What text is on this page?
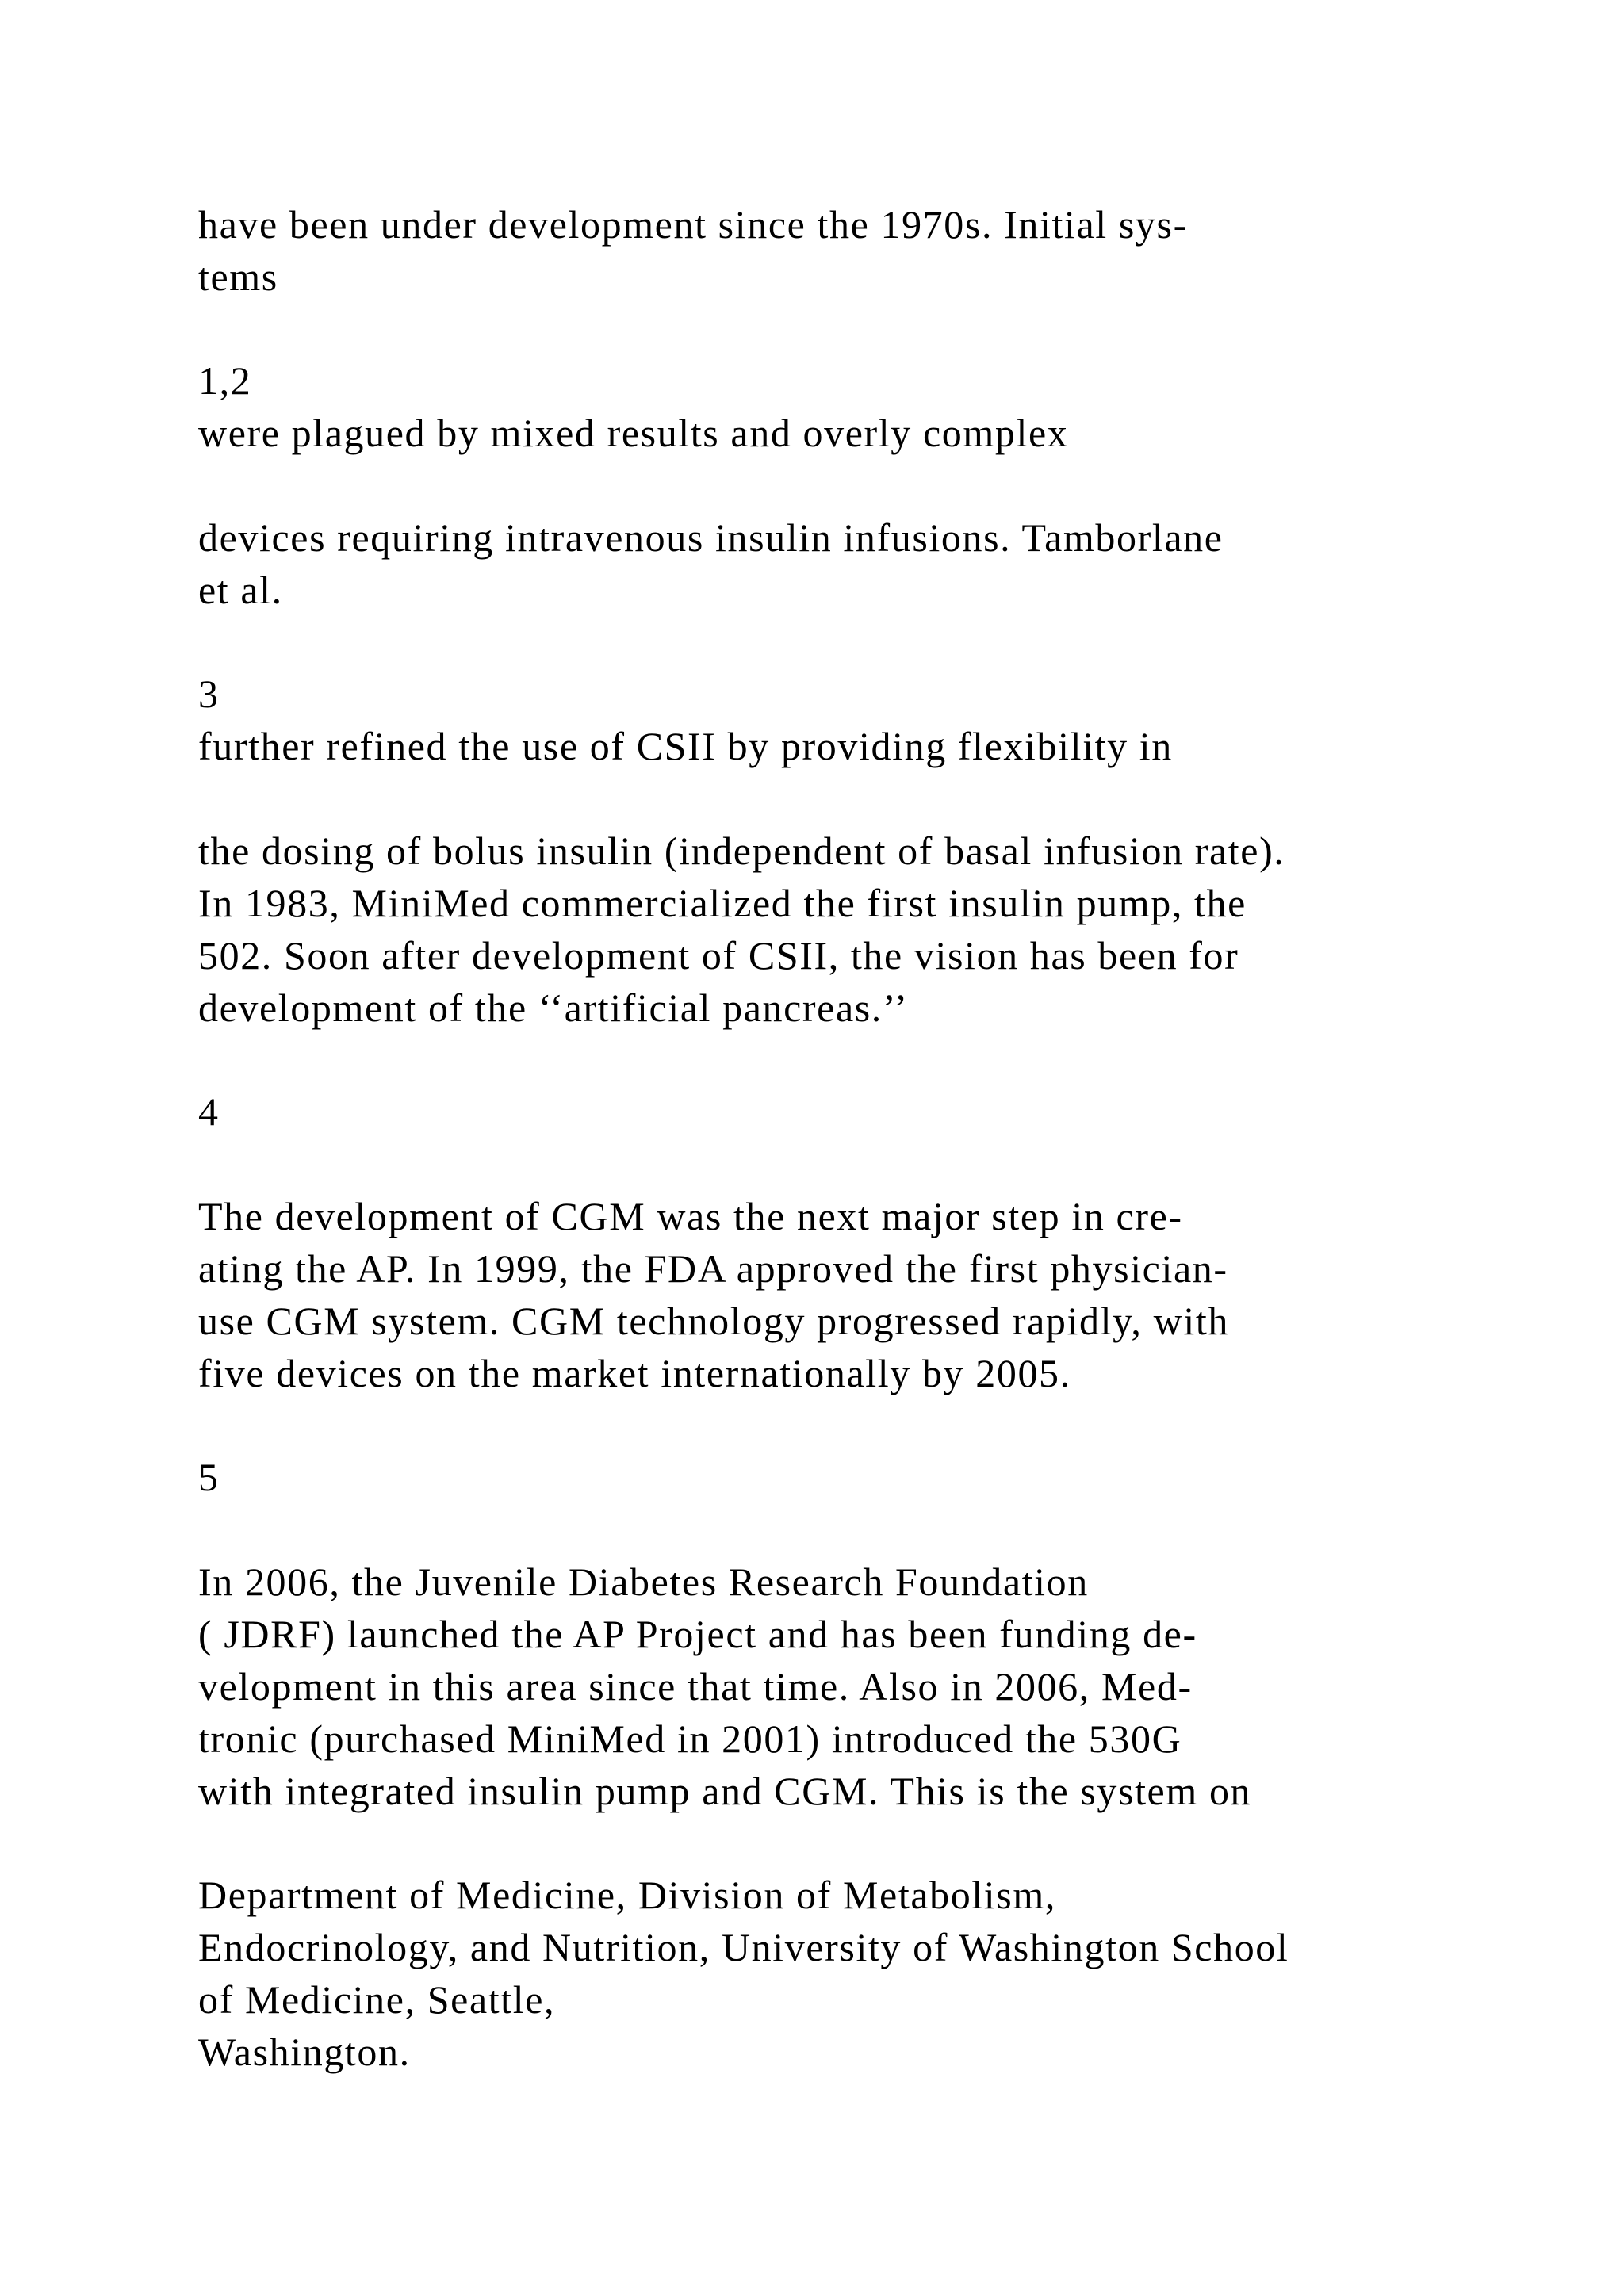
have been under development since the 1970s. Initial sys-

tems

1,2

were plagued by mixed results and overly complex

devices requiring intravenous insulin infusions. Tamborlane

et al.

3

further refined the use of CSII by providing flexibility in

the dosing of bolus insulin (independent of basal infusion rate).

In 1983, MiniMed commercialized the first insulin pump, the

502. Soon after development of CSII, the vision has been for

development of the ‘‘artificial pancreas.’’

4

The development of CGM was the next major step in cre-

ating the AP. In 1999, the FDA approved the first physician-

use CGM system. CGM technology progressed rapidly, with

five devices on the market internationally by 2005.

5

In 2006, the Juvenile Diabetes Research Foundation

( JDRF) launched the AP Project and has been funding de-

velopment in this area since that time. Also in 2006, Med-

tronic (purchased MiniMed in 2001) introduced the 530G

with integrated insulin pump and CGM. This is the system on

Department of Medicine, Division of Metabolism,

Endocrinology, and Nutrition, University of Washington School

of Medicine, Seattle,

Washington.
